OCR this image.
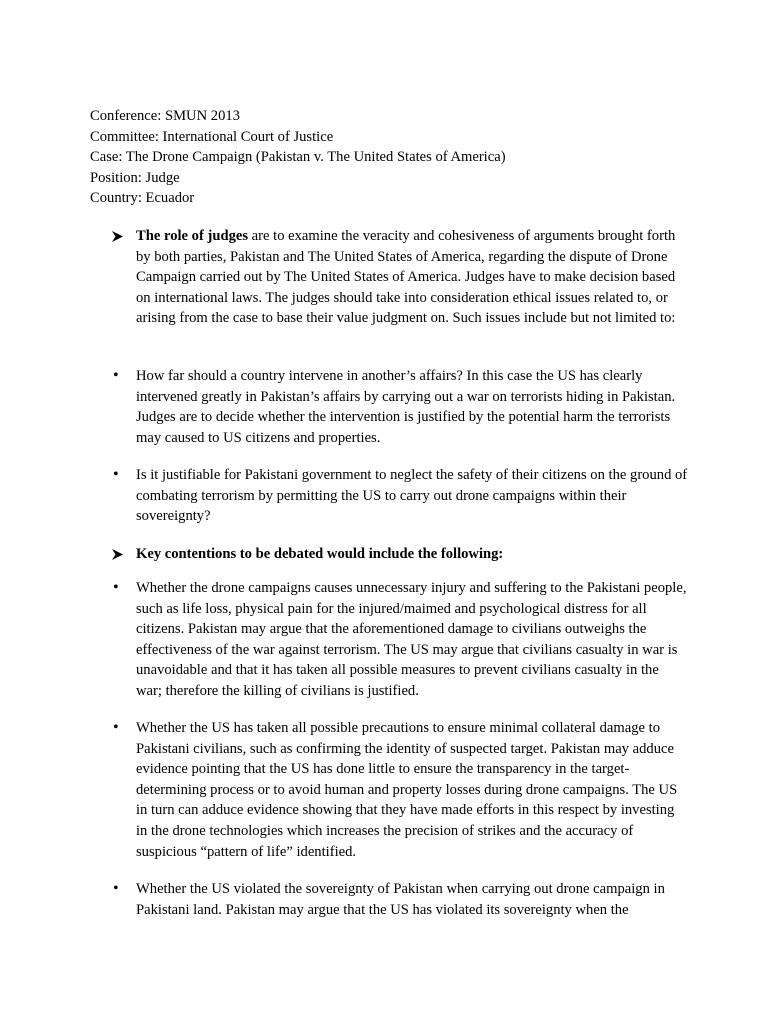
Conference: SMUN 2013
Committee: International Court of Justice
Case: The Drone Campaign (Pakistan v. The United States of America)
Position: Judge
Country: Ecuador
The role of judges are to examine the veracity and cohesiveness of arguments brought forth by both parties, Pakistan and The United States of America, regarding the dispute of Drone Campaign carried out by The United States of America. Judges have to make decision based on international laws. The judges should take into consideration ethical issues related to, or arising from the case to base their value judgment on. Such issues include but not limited to:
•	How far should a country intervene in another’s affairs? In this case the US has clearly intervened greatly in Pakistan’s affairs by carrying out a war on terrorists hiding in Pakistan. Judges are to decide whether the intervention is justified by the potential harm the terrorists may caused to US citizens and properties.
•	Is it justifiable for Pakistani government to neglect the safety of their citizens on the ground of combating terrorism by permitting the US to carry out drone campaigns within their sovereignty?
Key contentions to be debated would include the following:
•	Whether the drone campaigns causes unnecessary injury and suffering to the Pakistani people, such as life loss, physical pain for the injured/maimed and psychological distress for all citizens. Pakistan may argue that the aforementioned damage to civilians outweighs the effectiveness of the war against terrorism. The US may argue that civilians casualty in war is unavoidable and that it has taken all possible measures to prevent civilians casualty in the war; therefore the killing of civilians is justified.
•	Whether the US has taken all possible precautions to ensure minimal collateral damage to Pakistani civilians, such as confirming the identity of suspected target. Pakistan may adduce evidence pointing that the US has done little to ensure the transparency in the target-determining process or to avoid human and property losses during drone campaigns. The US in turn can adduce evidence showing that they have made efforts in this respect by investing in the drone technologies which increases the precision of strikes and the accuracy of suspicious “pattern of life” identified.
•	Whether the US violated the sovereignty of Pakistan when carrying out drone campaign in Pakistani land. Pakistan may argue that the US has violated its sovereignty when the
